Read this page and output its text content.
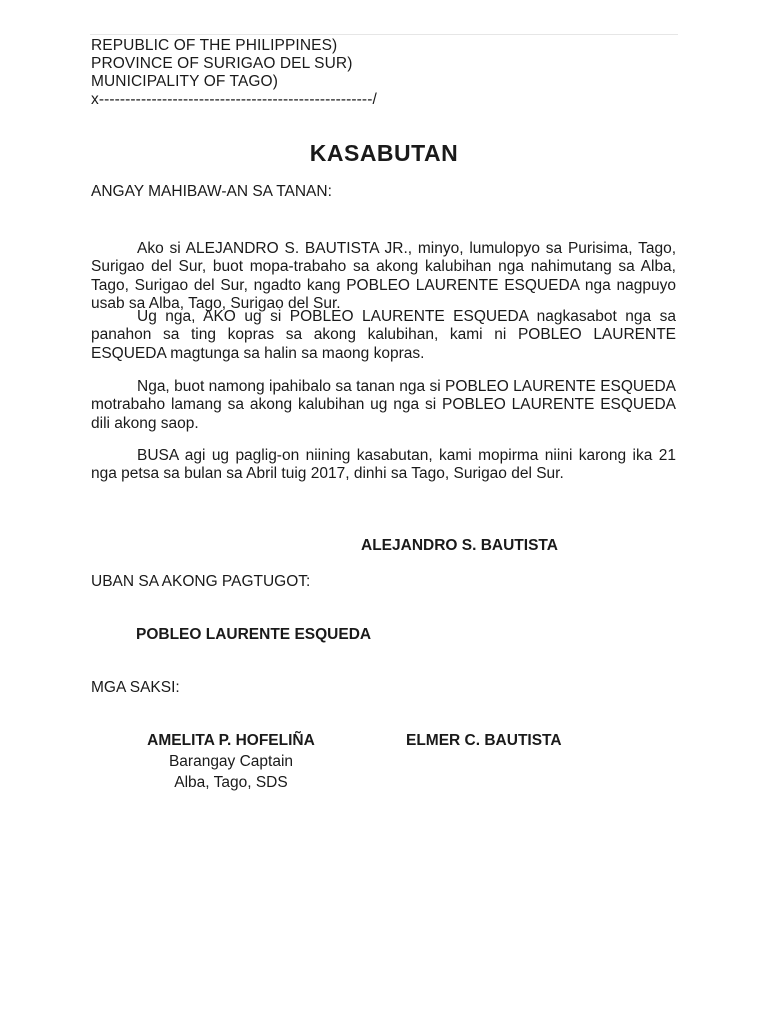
REPUBLIC OF THE PHILIPPINES)
PROVINCE OF SURIGAO DEL SUR)
MUNICIPALITY OF TAGO)
x----------------------------------------------------/
KASABUTAN
ANGAY MAHIBAW-AN SA TANAN:
Ako si ALEJANDRO S. BAUTISTA JR., minyo, lumulopyo sa Purisima, Tago, Surigao del Sur, buot mopa-trabaho sa akong kalubihan nga nahimutang sa Alba, Tago, Surigao del Sur, ngadto kang POBLEO LAURENTE ESQUEDA nga nagpuyo usab sa Alba, Tago, Surigao del Sur.
Ug nga, AKO ug si POBLEO LAURENTE ESQUEDA nagkasabot nga sa panahon sa ting kopras sa akong kalubihan, kami ni POBLEO LAURENTE ESQUEDA magtunga sa halin sa maong kopras.
Nga, buot namong ipahibalo sa tanan nga si POBLEO LAURENTE ESQUEDA motrabaho lamang sa akong kalubihan ug nga si POBLEO LAURENTE ESQUEDA dili akong saop.
BUSA agi ug paglig-on niining kasabutan, kami mopirma niini karong ika 21 nga petsa sa bulan sa Abril tuig 2017, dinhi sa Tago, Surigao del Sur.
ALEJANDRO S. BAUTISTA
UBAN SA AKONG PAGTUGOT:
POBLEO LAURENTE ESQUEDA
MGA SAKSI:
AMELITA P. HOFELIÑA
Barangay Captain
Alba, Tago, SDS
ELMER C. BAUTISTA
